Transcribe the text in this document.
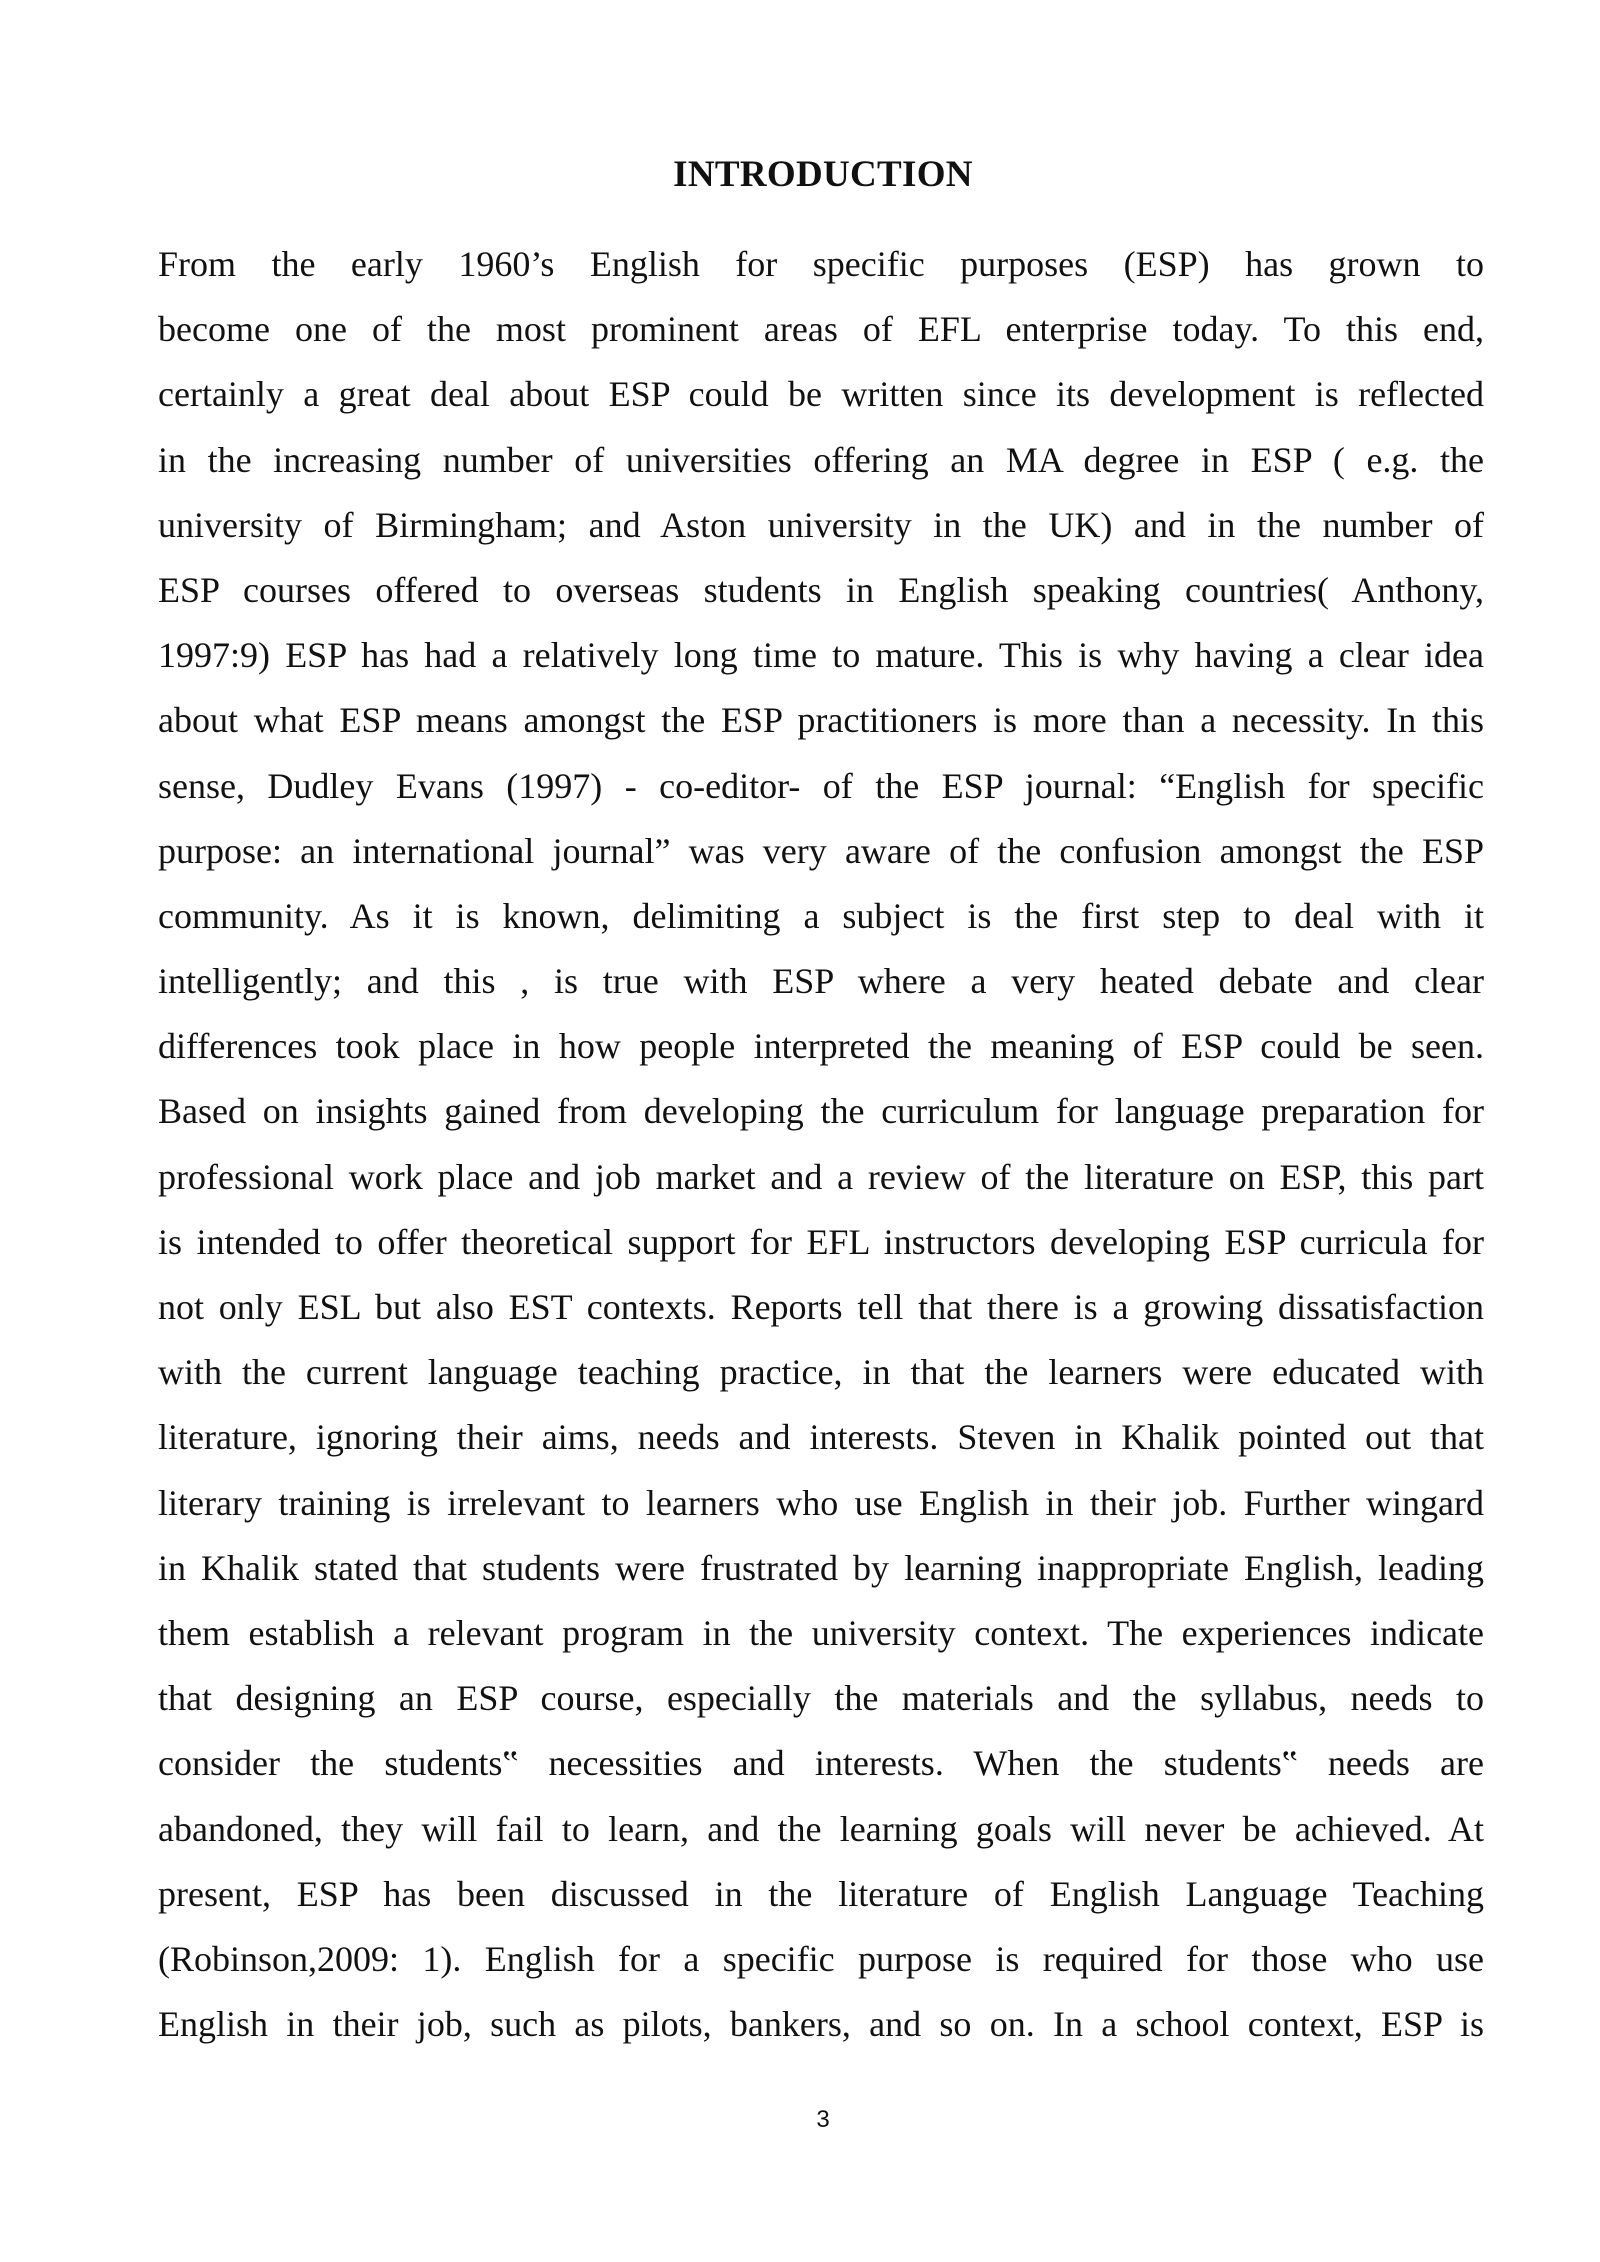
INTRODUCTION
From the early 1960’s English for specific purposes (ESP) has grown to
become one of the most prominent areas of EFL enterprise today. To this end,
certainly a great deal about ESP could be written since its development is reflected
in the increasing number of universities offering an MA degree in ESP ( e.g. the
university of Birmingham; and Aston university in the UK) and in the number of
ESP courses offered to overseas students in English speaking countries( Anthony,
1997:9) ESP has had a relatively long time to mature. This is why having a clear idea
about what ESP means amongst the ESP practitioners is more than a necessity. In this
sense, Dudley Evans (1997) - co-editor- of the ESP journal: “English for specific
purpose: an international journal” was very aware of the confusion amongst the ESP
community. As it is known, delimiting a subject is the first step to deal with it
intelligently; and this , is true with ESP where a very heated debate and clear
differences took place in how people interpreted the meaning of ESP could be seen.
Based on insights gained from developing the curriculum for language preparation for
professional work place and job market and a review of the literature on ESP, this part
is intended to offer theoretical support for EFL instructors developing ESP curricula for
not only ESL but also EST contexts. Reports tell that there is a growing dissatisfaction
with the current language teaching practice, in that the learners were educated with
literature, ignoring their aims, needs and interests. Steven in Khalik pointed out that
literary training is irrelevant to learners who use English in their job. Further wingard
in Khalik stated that students were frustrated by learning inappropriate English, leading
them establish a relevant program in the university context. The experiences indicate
that designing an ESP course, especially the materials and the syllabus, needs to
consider the students‟ necessities and interests. When the students‟ needs are
abandoned, they will fail to learn, and the learning goals will never be achieved. At
present, ESP has been discussed in the literature of English Language Teaching
(Robinson,2009: 1). English for a specific purpose is required for those who use
English in their job, such as pilots, bankers, and so on. In a school context, ESP is

3
